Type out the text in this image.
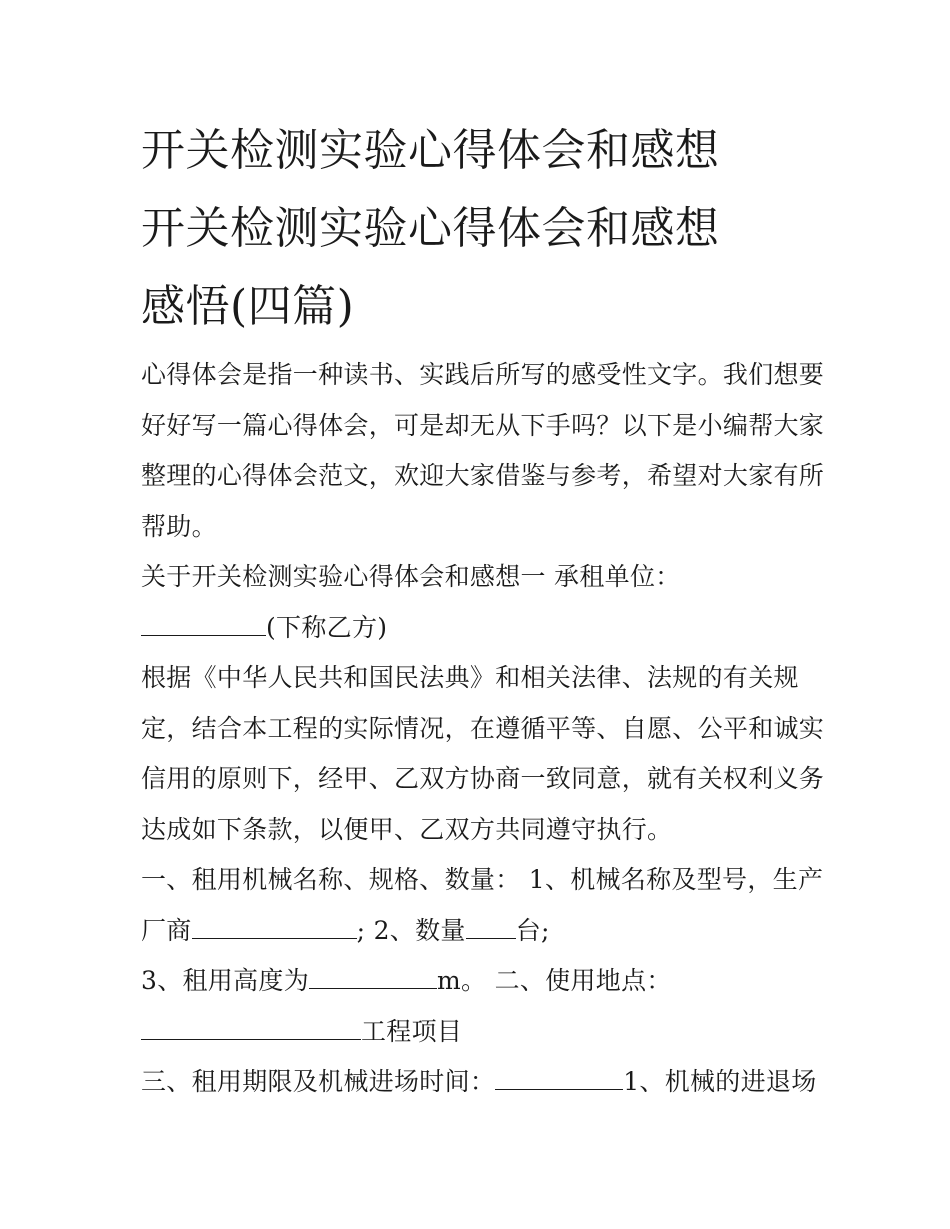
开关检测实验心得体会和感想
开关检测实验心得体会和感想
感悟(四篇)
心得体会是指一种读书、实践后所写的感受性文字。我们想要
好好写一篇心得体会，可是却无从下手吗？以下是小编帮大家
整理的心得体会范文，欢迎大家借鉴与参考，希望对大家有所
帮助。
关于开关检测实验心得体会和感想一 承租单位：
(下称乙方)
根据《中华人民共和国民法典》和相关法律、法规的有关规
定，结合本工程的实际情况，在遵循平等、自愿、公平和诚实
信用的原则下，经甲、乙双方协商一致同意，就有关权利义务
达成如下条款，以便甲、乙双方共同遵守执行。
一、租用机械名称、规格、数量： 1、机械名称及型号，生产
厂商	; 2、数量 台;
3、租用高度为	m。 二、使用地点：
工程项目
三、租用期限及机械进场时间：	1、机械的进退场
